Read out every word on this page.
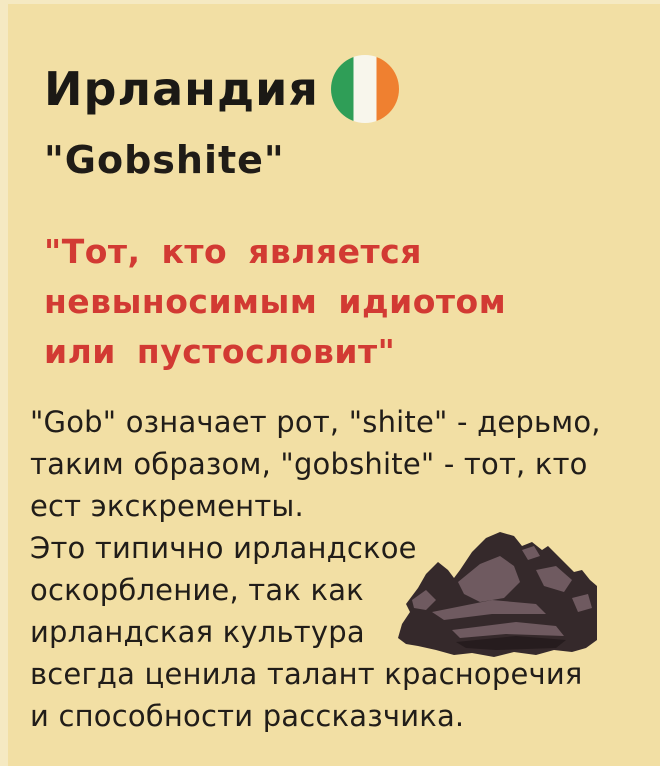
Ирландия
"Gobshite"
"Тот, кто является
невыносимым идиотом
или пустословит"
"Gob" означает рот, "shite" - дерьмо,
таким образом, "gobshite" - тот, кто
ест экскременты.
Это типично ирландское
оскорбление, так как
ирландская культура
всегда ценила талант красноречия
и способности рассказчика.
